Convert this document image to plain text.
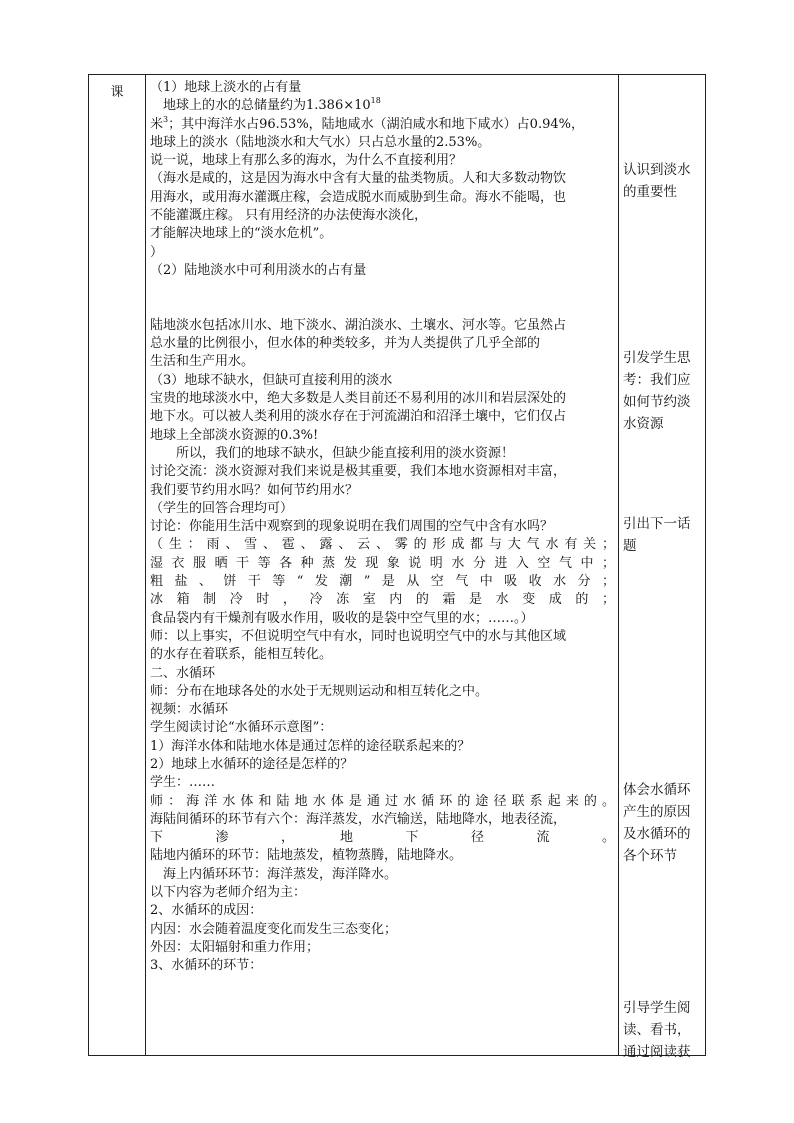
课	（1）地球上淡水的占有量
　地球上的水的总储量约为$1.386\times 10^{18}$
米$^3$；其中海洋水占96.53%，陆地咸水（湖泊咸水和地下咸水）占0.94%，
地球上的淡水（陆地淡水和大气水）只占总水量的2.53%。
说一说，地球上有那么多的海水，为什么不直接利用？
（海水是咸的，这是因为海水中含有大量的盐类物质。人和大多数动物饮
用海水，或用海水灌溉庄稼，会造成脱水而威胁到生命。海水不能喝，也
不能灌溉庄稼。 只有用经济的办法使海水淡化，
才能解决地球上的“淡水危机”。
）
（2）陆地淡水中可利用淡水的占有量
陆地淡水包括冰川水、地下淡水、湖泊淡水、土壤水、河水等。它虽然占
总水量的比例很小，但水体的种类较多，并为人类提供了几乎全部的
生活和生产用水。
（3）地球不缺水，但缺可直接利用的淡水
宝贵的地球淡水中，绝大多数是人类目前还不易利用的冰川和岩层深处的
地下水。可以被人类利用的淡水存在于河流湖泊和沼泽土壤中，它们仅占
地球上全部淡水资源的0.3%!
　　所以，我们的地球不缺水，但缺少能直接利用的淡水资源！
讨论交流：淡水资源对我们来说是极其重要，我们本地水资源相对丰富，
我们要节约用水吗？如何节约用水？
（学生的回答合理均可）
讨论：你能用生活中观察到的现象说明在我们周围的空气中含有水吗？
（生：雨、雪、雹、露、云、雾的形成都与大气水有关；
湿衣服晒干等各种蒸发现象说明水分进入空气中；
粗盐、饼干等“发潮”是从空气中吸收水分；
冰箱制冷时，冷冻室内的霜是水变成的；
食品袋内有干燥剂有吸水作用，吸收的是袋中空气里的水；……。）
师：以上事实，不但说明空气中有水，同时也说明空气中的水与其他区域
的水存在着联系，能相互转化。
二、水循环
师：分布在地球各处的水处于无规则运动和相互转化之中。
视频：水循环
学生阅读讨论“水循环示意图”：
1）海洋水体和陆地水体是通过怎样的途径联系起来的？
2）地球上水循环的途径是怎样的？
学生：……
师：海洋水体和陆地水体是通过水循环的途径联系起来的。
海陆间循环的环节有六个：海洋蒸发，水汽输送，陆地降水，地表径流，
下　　　渗　　　，　　　地　　　下　　　径　　　流　　　。
陆地内循环的环节：陆地蒸发，植物蒸腾，陆地降水。
　海上内循环环节：海洋蒸发，海洋降水。
以下内容为老师介绍为主：
2、水循环的成因：
内因：水会随着温度变化而发生三态变化；
外因：太阳辐射和重力作用；
3、水循环的环节：
认识到淡水
的重要性
引发学生思
考：我们应
如何节约淡
水资源
引出下一话
题
体会水循环
产生的原因
及水循环的
各个环节
引导学生阅
读、看书，
通过阅读获
